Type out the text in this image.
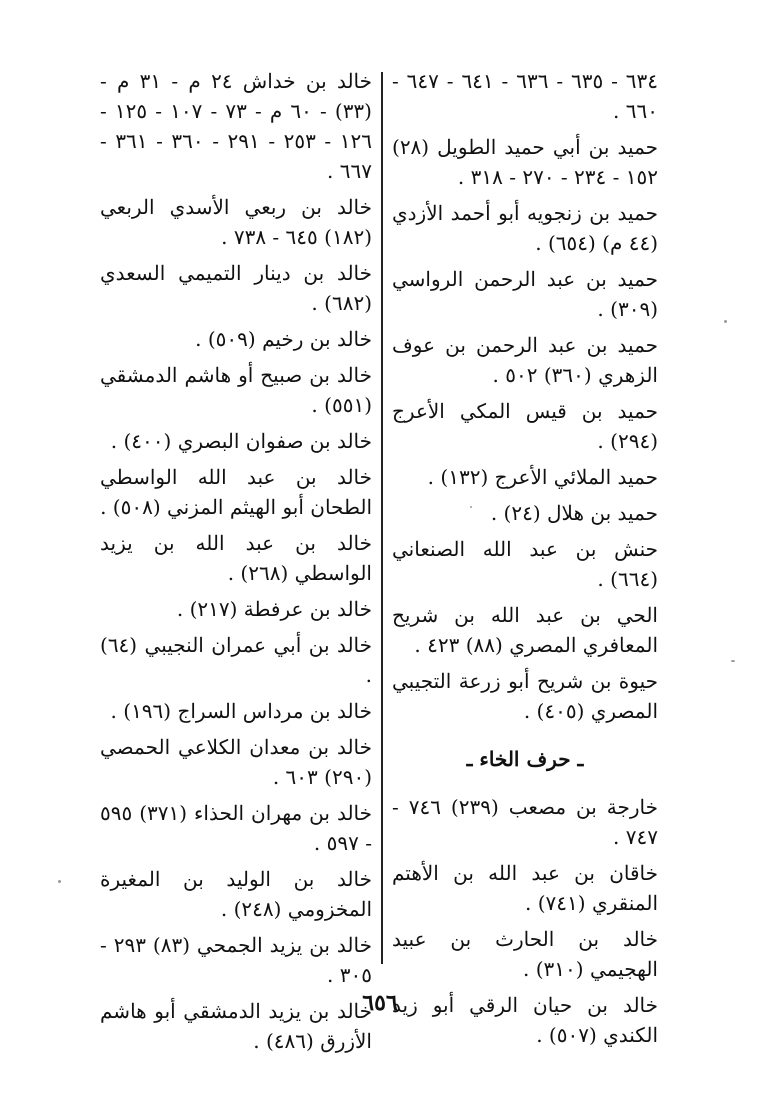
٦٣٤ - ٦٣٥ - ٦٣٦ - ٦٤١ - ٦٤٧ - ٦٦٠ .

حميد بن أبي حميد الطويل (٢٨) ١٥٢ - ٢٣٤ - ٢٧٠ - ٣١٨ .

حميد بن زنجويه أبو أحمد الأزدي (٤٤ م) (٦٥٤) .

حميد بن عبد الرحمن الرواسي (٣٠٩) .

حميد بن عبد الرحمن بن عوف الزهري (٣٦٠) ٥٠٢ .

حميد بن قيس المكي الأعرج (٢٩٤) .

حميد الملائي الأعرج (١٣٢) .

حميد بن هلال (٢٤) .

حنش بن عبد الله الصنعاني (٦٦٤) .

الحي بن عبد الله بن شريح المعافري المصري (٨٨) ٤٢٣ .

حيوة بن شريح أبو زرعة التجيبي المصري (٤٠٥) .

ـ حرف الخاء ـ

خارجة بن مصعب (٢٣٩) ٧٤٦ - ٧٤٧ .

خاقان بن عبد الله بن الأهتم المنقري (٧٤١) .

خالد بن الحارث بن عبيد الهجيمي (٣١٠) .

خالد بن حيان الرقي أبو زيد الكندي (٥٠٧) .

خالد بن خداش ٢٤ م - ٣١ م - (٣٣) - ٦٠ م - ٧٣ - ١٠٧ - ١٢٥ - ١٢٦ - ٢٥٣ - ٢٩١ - ٣٦٠ - ٣٦١ - ٦٦٧ .

خالد بن ربعي الأسدي الربعي (١٨٢) ٦٤٥ - ٧٣٨ .

خالد بن دينار التميمي السعدي (٦٨٢) .

خالد بن رخيم (٥٠٩) .

خالد بن صبيح أو هاشم الدمشقي (٥٥١) .

خالد بن صفوان البصري (٤٠٠) .

خالد بن عبد الله الواسطي الطحان أبو الهيثم المزني (٥٠٨) .

خالد بن عبد الله بن يزيد الواسطي (٢٦٨) .

خالد بن عرفطة (٢١٧) .

خالد بن أبي عمران النجيبي (٦٤) .

خالد بن مرداس السراج (١٩٦) .

خالد بن معدان الكلاعي الحمصي (٢٩٠) ٦٠٣ .

خالد بن مهران الحذاء (٣٧١) ٥٩٥ - ٥٩٧ .

خالد بن الوليد بن المغيرة المخزومي (٢٤٨) .

خالد بن يزيد الجمحي (٨٣) ٢٩٣ - ٣٠٥ .

خالد بن يزيد الدمشقي أبو هاشم الأزرق (٤٨٦) .

٦٥٦
